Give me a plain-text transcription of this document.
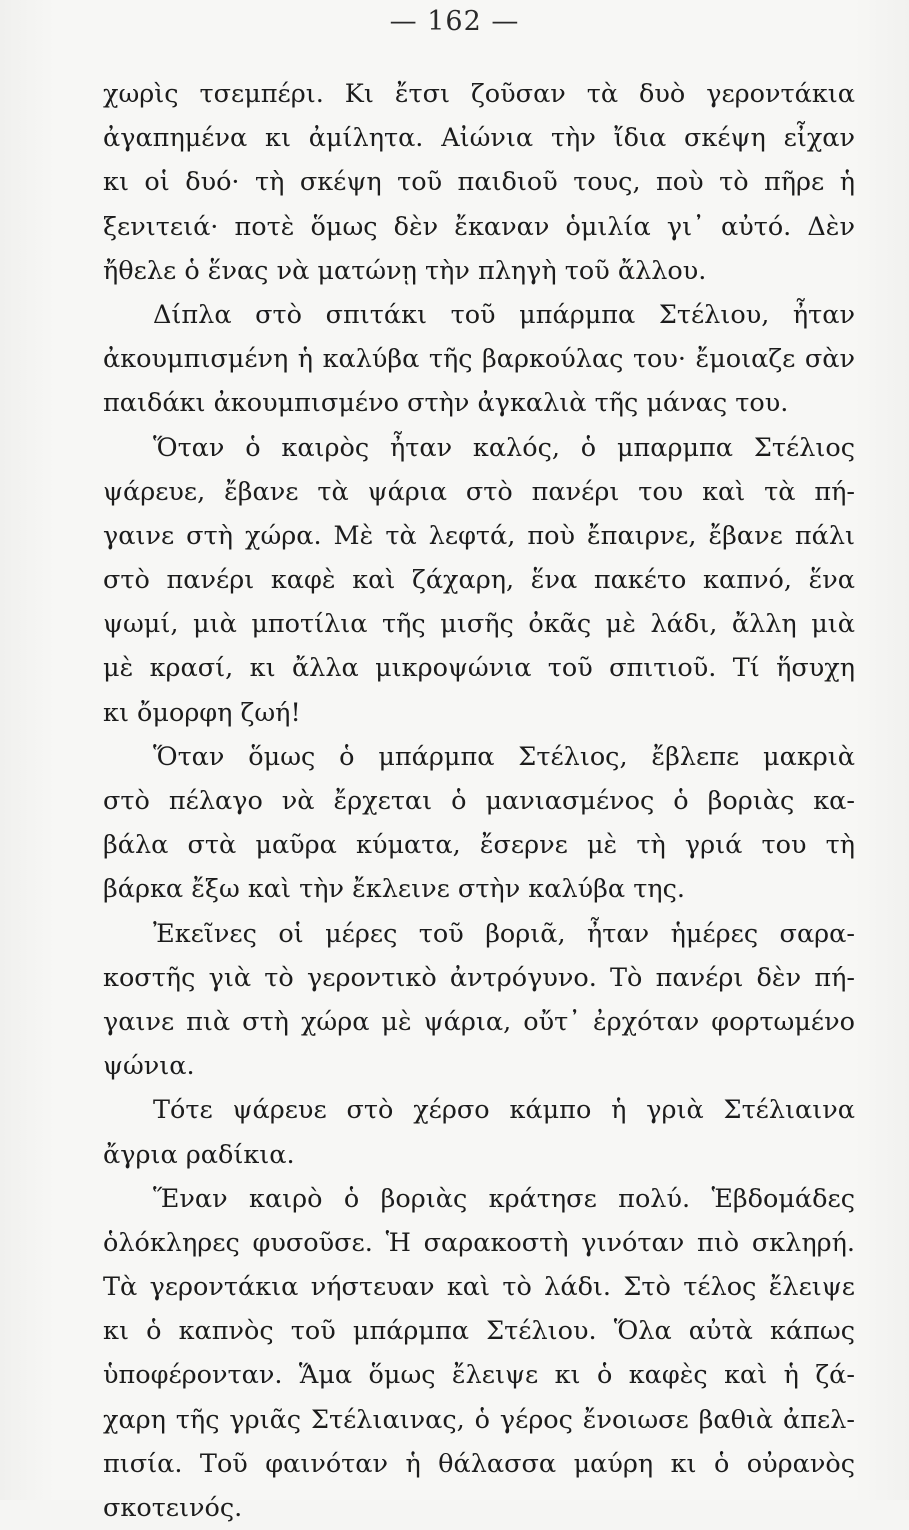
— 162 —
χωρὶς τσεμπέρι. Κι ἔτσι ζοῦσαν τὰ δυὸ γεροντάκια
ἀγαπημένα κι ἀμίλητα. Αἰώνια τὴν ἴδια σκέψη εἶχαν
κι οἱ δυό· τὴ σκέψη τοῦ παιδιοῦ τους, ποὺ τὸ πῆρε ἡ
ξενιτειά· ποτὲ ὅμως δὲν ἔκαναν ὁμιλία γι᾽ αὐτό. Δὲν
ἤθελε ὁ ἕνας νὰ ματώνῃ τὴν πληγὴ τοῦ ἄλλου.
Δίπλα στὸ σπιτάκι τοῦ μπάρμπα Στέλιου, ἦταν
ἀκουμπισμένη ἡ καλύβα τῆς βαρκούλας του· ἔμοιαζε σὰν
παιδάκι ἀκουμπισμένο στὴν ἀγκαλιὰ τῆς μάνας του.
Ὅταν ὁ καιρὸς ἦταν καλός, ὁ μπαρμπα Στέλιος
ψάρευε, ἔβανε τὰ ψάρια στὸ πανέρι του καὶ τὰ πή-
γαινε στὴ χώρα. Μὲ τὰ λεφτά, ποὺ ἔπαιρνε, ἔβανε πάλι
στὸ πανέρι καφὲ καὶ ζάχαρη, ἕνα πακέτο καπνό, ἕνα
ψωμί, μιὰ μποτίλια τῆς μισῆς ὀκᾶς μὲ λάδι, ἄλλη μιὰ
μὲ κρασί, κι ἄλλα μικροψώνια τοῦ σπιτιοῦ. Τί ἥσυχη
κι ὄμορφη ζωή!
Ὅταν ὅμως ὁ μπάρμπα Στέλιος, ἔβλεπε μακριὰ
στὸ πέλαγο νὰ ἔρχεται ὁ μανιασμένος ὁ βοριὰς κα-
βάλα στὰ μαῦρα κύματα, ἔσερνε μὲ τὴ γριά του τὴ
βάρκα ἔξω καὶ τὴν ἔκλεινε στὴν καλύβα της.
Ἐκεῖνες οἱ μέρες τοῦ βοριᾶ, ἦταν ἡμέρες σαρα-
κοστῆς γιὰ τὸ γεροντικὸ ἀντρόγυνο. Τὸ πανέρι δὲν πή-
γαινε πιὰ στὴ χώρα μὲ ψάρια, οὔτ᾽ ἐρχόταν φορτωμένο
ψώνια.
Τότε ψάρευε στὸ χέρσο κάμπο ἡ γριὰ Στέλιαινα
ἄγρια ραδίκια.
Ἕναν καιρὸ ὁ βοριὰς κράτησε πολύ. Ἑβδομάδες
ὁλόκληρες φυσοῦσε. Ἡ σαρακοστὴ γινόταν πιὸ σκληρή.
Τὰ γεροντάκια νήστευαν καὶ τὸ λάδι. Στὸ τέλος ἔλειψε
κι ὁ καπνὸς τοῦ μπάρμπα Στέλιου. Ὅλα αὐτὰ κάπως
ὑποφέρονταν. Ἅμα ὅμως ἔλειψε κι ὁ καφὲς καὶ ἡ ζά-
χαρη τῆς γριᾶς Στέλιαινας, ὁ γέρος ἔνοιωσε βαθιὰ ἀπελ-
πισία. Τοῦ φαινόταν ἡ θάλασσα μαύρη κι ὁ οὐρανὸς
σκοτεινός.
